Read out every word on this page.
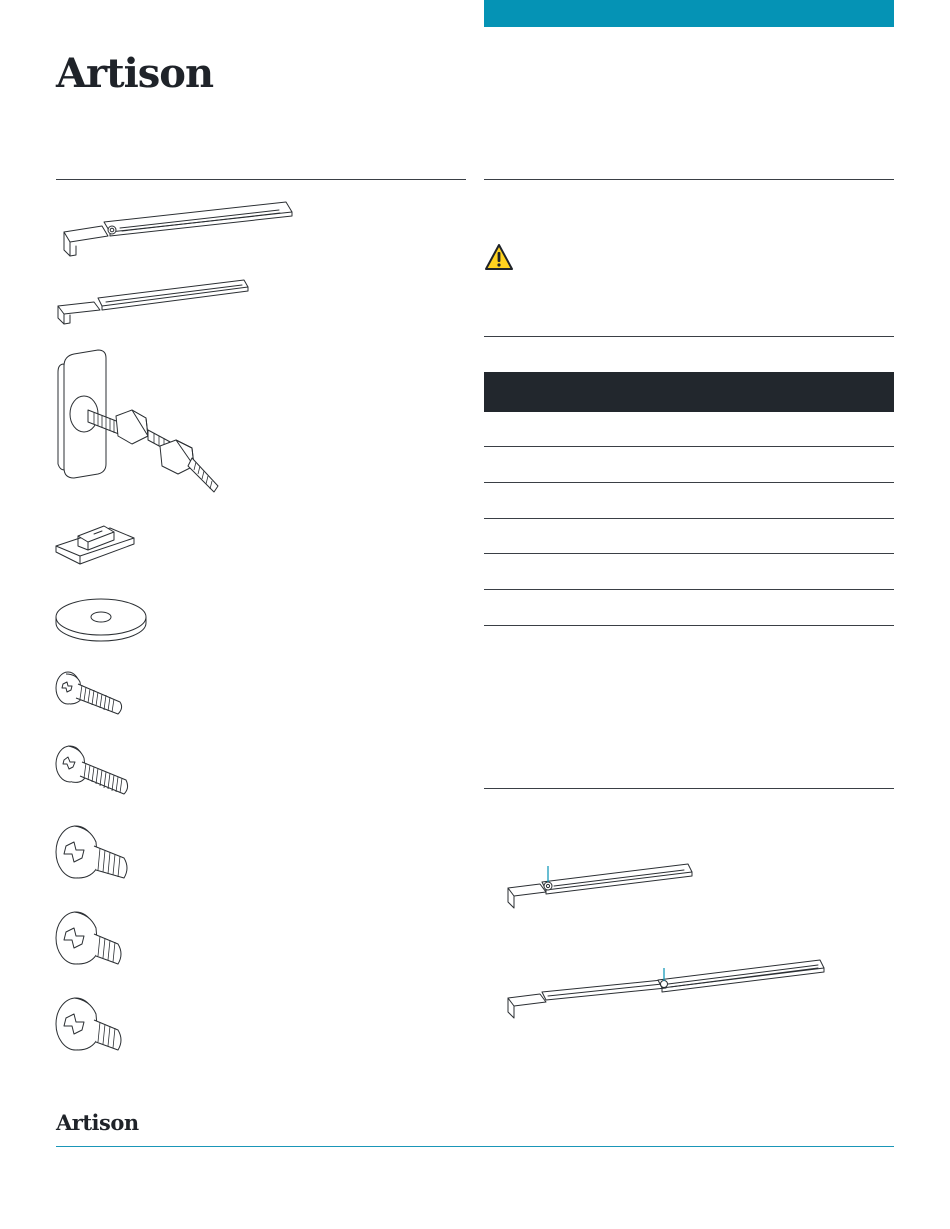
Artison
Artison
